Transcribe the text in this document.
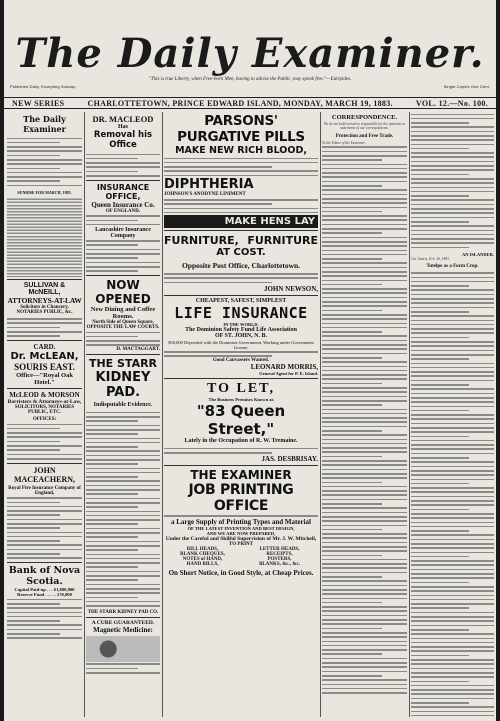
The Daily Examiner.
"This is true Liberty, when Free-born Men, having to advise the Public, may speak free."—Euripides.
Published Daily, Excepting Sunday.	Single Copies One Cent.
NEW SERIES	CHARLOTTETOWN, PRINCE EDWARD ISLAND, MONDAY, MARCH 19, 1883.	VOL. 12.—No. 100.
The Daily Examiner
SUNRISE FOR MARCH, 1883.
SULLIVAN & McNEILL,
ATTORNEYS-AT-LAW
Solicitors in Chancery,
NOTARIES PUBLIC, &c.
CARD.
Dr. McLEAN,
SOURIS EAST.
Office—"Royal Oak Hotel."
McLEOD & MORSON
Barristers & Attorneys-at-Law,
SOLICITORS, NOTARIES PUBLIC, ETC.
OFFICES:
JOHN MACEACHERN,
Royal Fire Insurance Company of England,
Bank of Nova Scotia.
Capital Paid-up . . . $1,000,000
Reserve Fund . . . . . 270,000
DR. MACLEOD
Has
Removal his Office
INSURANCE OFFICE,
Queen Insurance Co.
OF ENGLAND.
Lancashire Insurance Company
NOW OPENED
New Dining and Coffee Rooms.
North Side of Queen Square,
OPPOSITE THE LAW COURTS.
D. MACTAGGART.
THE STARR
KIDNEY PAD.
Indisputable Evidence.
THE STARR KIDNEY PAD CO.
A CURE GUARANTEED.
Magnetic Medicine:
PARSONS' PURGATIVE PILLS
MAKE NEW RICH BLOOD,
DIPHTHERIA
JOHNSON'S ANODYNE LINIMENT
MAKE HENS LAY
FURNITURE, FURNITURE
AT COST.
Opposite Post Office, Charlottetown.
JOHN NEWSON,
CHEAPEST, SAFEST, SIMPLEST
LIFE INSURANCE
IN THE WORLD.
The Dominion Safety Fund Life Association
OF ST. JOHN, N. B.
$50,000 Deposited with the Dominion Government, Working under Government License.
Good Canvassers Wanted.
LEONARD MORRIS,
General Agent for P. E. Island.
TO LET,
The Business Premises Known as
"83 Queen Street,"
Lately in the Occupation of R. W. Tremaine.
JAS. DESBRISAY.
THE EXAMINER
JOB PRINTING OFFICE
a Large Supply of Printing Types and Material
OF THE LATEST INVENTION AND BEST DESIGN,
AND WE ARE NOW PREPARED,
Under the Careful and Skilful Supervision of Mr. J. W. Mitchell,
TO PRINT
BILL HEADS,	LETTER HEADS,
BLANK CHEQUES,	RECEIPTS,
NOTES of HAND,	POSTERS,
HAND BILLS,	BLANKS, &c., &c.
On Short Notice, in Good Style, at Cheap Prices.
CORRESPONDENCE.
We do not hold ourselves responsible for the opinions or statements of our correspondents.
Protection and Free Trade.
To the Editor of the Examiner:
AN ISLANDER.
Cal. Sauris, Feb. 26, 1883.
Tutelpe as a Form Crop.
